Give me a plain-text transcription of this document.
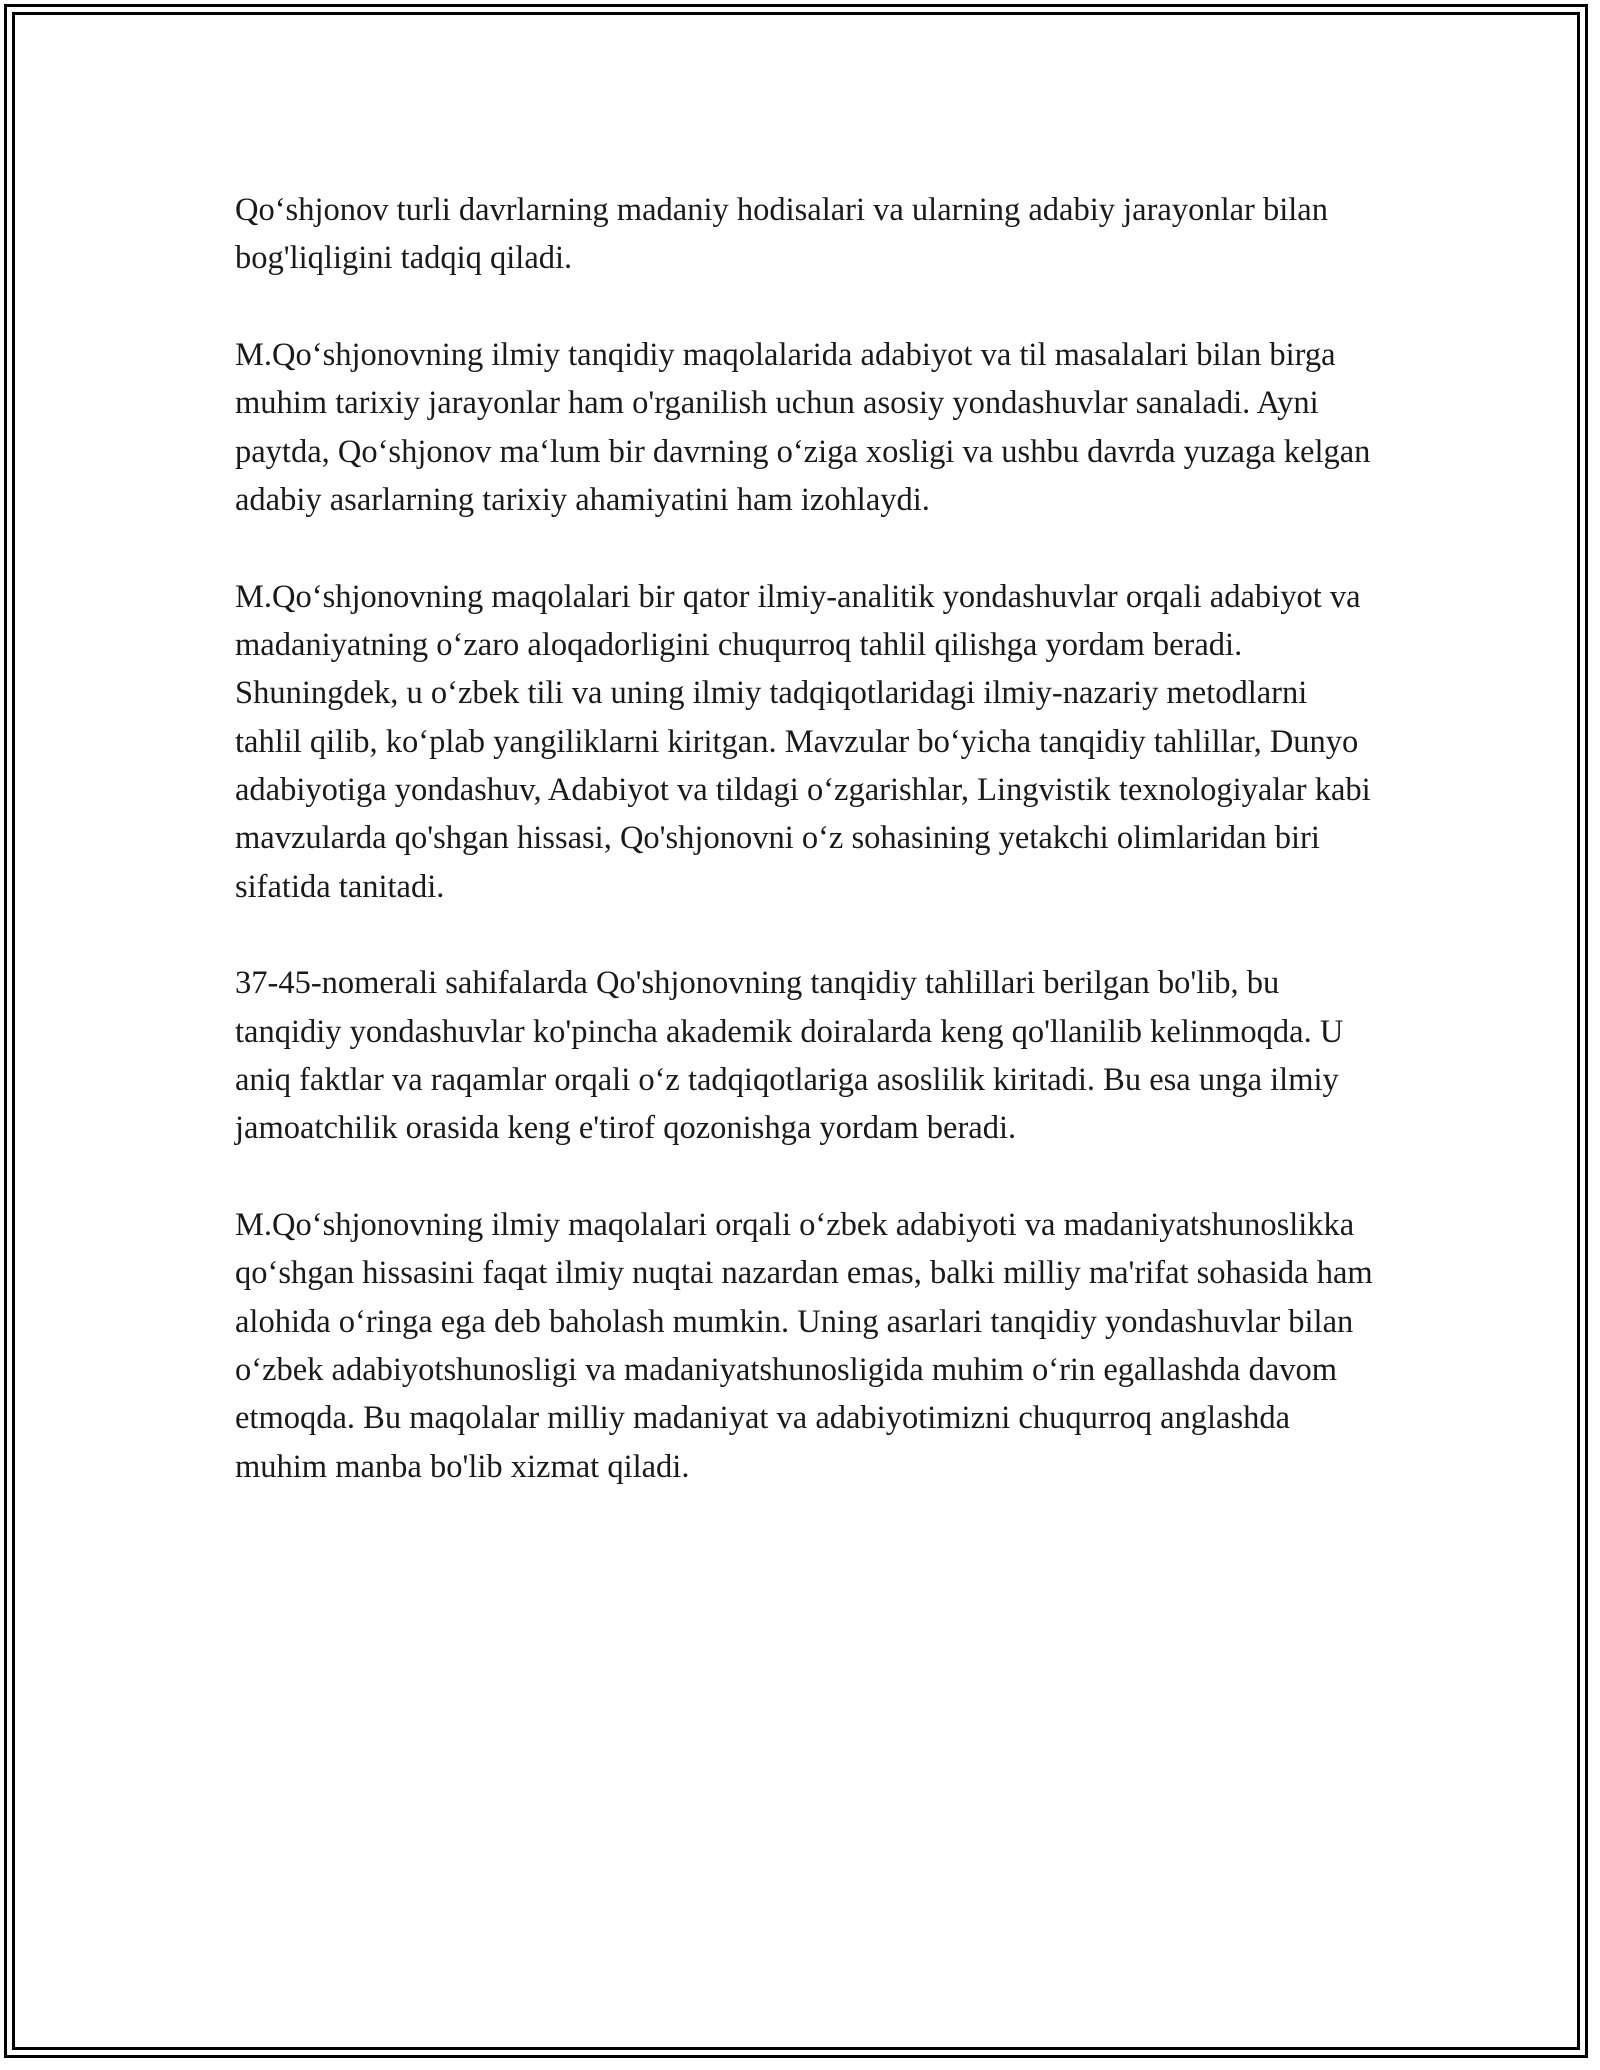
Qo‘shjonov turli davrlarning madaniy hodisalari va ularning adabiy jarayonlar bilan bog'liqligini tadqiq qiladi.

M.Qo‘shjonovning ilmiy tanqidiy maqolalarida adabiyot va til masalalari bilan birga muhim tarixiy jarayonlar ham o'rganilish uchun asosiy yondashuvlar sanaladi. Ayni paytda, Qo‘shjonov ma‘lum bir davrning o‘ziga xosligi va ushbu davrda yuzaga kelgan adabiy asarlarning tarixiy ahamiyatini ham izohlaydi.

M.Qo‘shjonovning maqolalari bir qator ilmiy-analitik yondashuvlar orqali adabiyot va madaniyatning o‘zaro aloqadorligini chuqurroq tahlil qilishga yordam beradi. Shuningdek, u o‘zbek tili va uning ilmiy tadqiqotlaridagi ilmiy-nazariy metodlarni tahlil qilib, ko‘plab yangiliklarni kiritgan. Mavzular bo‘yicha tanqidiy tahlillar, Dunyo adabiyotiga yondashuv, Adabiyot va tildagi o‘zgarishlar, Lingvistik texnologiyalar kabi mavzularda qo'shgan hissasi, Qo'shjonovni o‘z sohasining yetakchi olimlaridan biri sifatida tanitadi.

37-45-nomerali sahifalarda Qo'shjonovning tanqidiy tahlillari berilgan bo'lib, bu tanqidiy yondashuvlar ko'pincha akademik doiralarda keng qo'llanilib kelinmoqda. U aniq faktlar va raqamlar orqali o‘z tadqiqotlariga asoslilik kiritadi. Bu esa unga ilmiy jamoatchilik orasida keng e'tirof qozonishga yordam beradi.

M.Qo‘shjonovning ilmiy maqolalari orqali o‘zbek adabiyoti va madaniyatshunoslikka qo‘shgan hissasini faqat ilmiy nuqtai nazardan emas, balki milliy ma'rifat sohasida ham alohida o‘ringa ega deb baholash mumkin. Uning asarlari tanqidiy yondashuvlar bilan o‘zbek adabiyotshunosligi va madaniyatshunosligida muhim o‘rin egallashda davom etmoqda. Bu maqolalar milliy madaniyat va adabiyotimizni chuqurroq anglashda muhim manba bo'lib xizmat qiladi.
